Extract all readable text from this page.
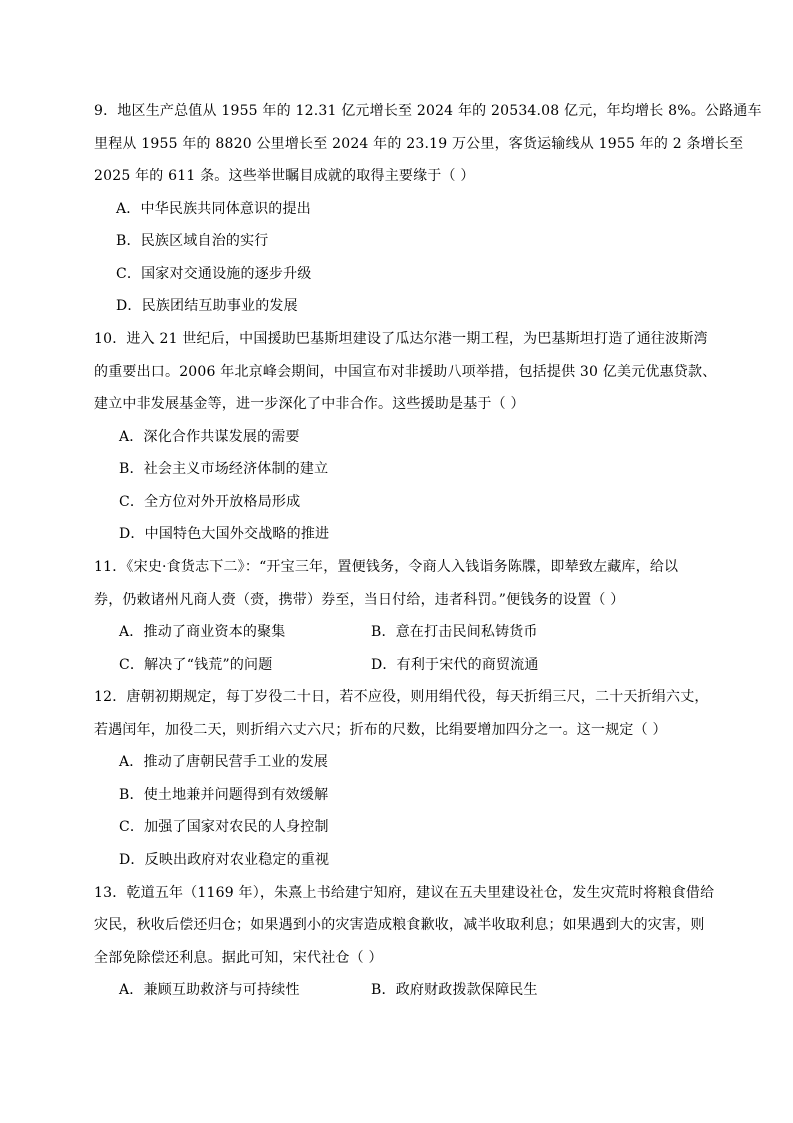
9．地区生产总值从 1955 年的 12.31 亿元增长至 2024 年的 20534.08 亿元，年均增长 8%。公路通车
里程从 1955 年的 8820 公里增长至 2024 年的 23.19 万公里，客货运输线从 1955 年的 2 条增长至
2025 年的 611 条。这些举世瞩目成就的取得主要缘于（ ）
A．中华民族共同体意识的提出
B．民族区域自治的实行
C．国家对交通设施的逐步升级
D．民族团结互助事业的发展
10．进入 21 世纪后，中国援助巴基斯坦建设了瓜达尔港一期工程，为巴基斯坦打造了通往波斯湾
的重要出口。2006 年北京峰会期间，中国宣布对非援助八项举措，包括提供 30 亿美元优惠贷款、
建立中非发展基金等，进一步深化了中非合作。这些援助是基于（ ）
A．深化合作共谋发展的需要
B．社会主义市场经济体制的建立
C．全方位对外开放格局形成
D．中国特色大国外交战略的推进
11．《宋史·食货志下二》：“开宝三年，置便钱务，令商人入钱诣务陈牒，即辇致左藏库，给以
券，仍敕诸州凡商人赍（赍，携带）券至，当日付给，违者科罚。”便钱务的设置（ ）
A．推动了商业资本的聚集	B．意在打击民间私铸货币
C．解决了“钱荒”的问题	D．有利于宋代的商贸流通
12．唐朝初期规定，每丁岁役二十日，若不应役，则用绢代役，每天折绢三尺，二十天折绢六丈，
若遇闰年，加役二天，则折绢六丈六尺；折布的尺数，比绢要增加四分之一。这一规定（ ）
A．推动了唐朝民营手工业的发展
B．使土地兼并问题得到有效缓解
C．加强了国家对农民的人身控制
D．反映出政府对农业稳定的重视
13．乾道五年（1169 年），朱熹上书给建宁知府，建议在五夫里建设社仓，发生灾荒时将粮食借给
灾民，秋收后偿还归仓；如果遇到小的灾害造成粮食歉收，减半收取利息；如果遇到大的灾害，则
全部免除偿还利息。据此可知，宋代社仓（ ）
A．兼顾互助救济与可持续性	B．政府财政拨款保障民生
